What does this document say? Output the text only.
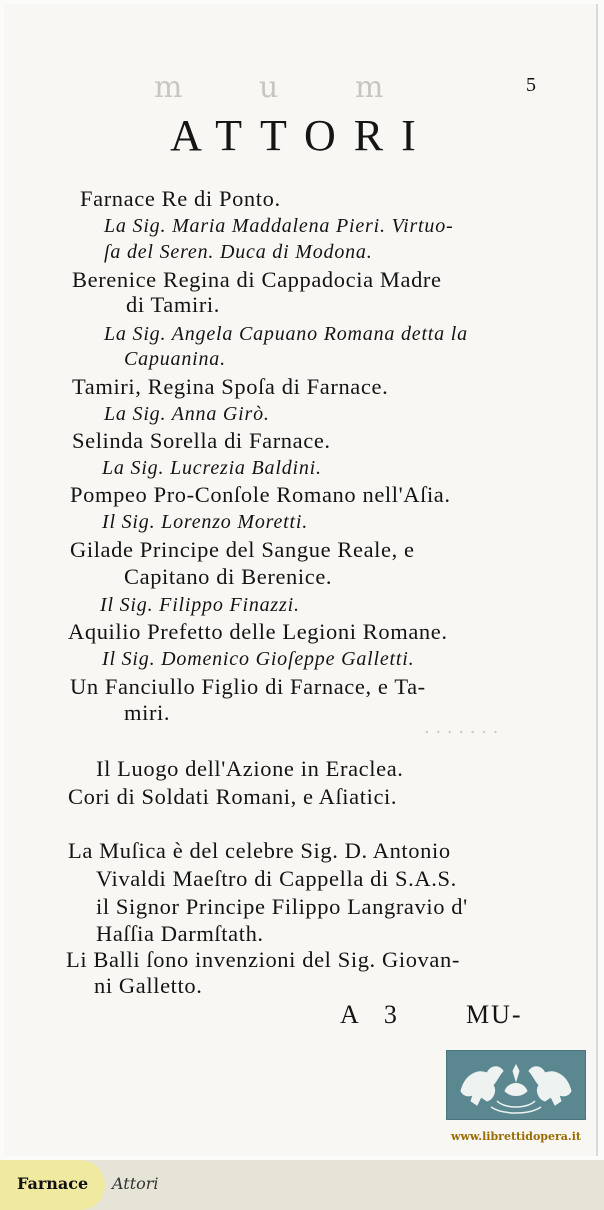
m   u   m
· · · · · · ·
5
ATTORI
Farnace Re di Ponto.
La Sig. Maria Maddalena Pieri. Virtuo-
ſa del Seren. Duca di Modona.
Berenice Regina di Cappadocia Madre
di Tamiri.
La Sig. Angela Capuano Romana detta la
Capuanina.
Tamiri, Regina Spoſa di Farnace.
La Sig. Anna Girò.
Selinda Sorella di Farnace.
La Sig. Lucrezia Baldini.
Pompeo Pro-Conſole Romano nell'Aſia.
Il Sig. Lorenzo Moretti.
Gilade Principe del Sangue Reale, e
Capitano di Berenice.
Il Sig. Filippo Finazzi.
Aquilio Prefetto delle Legioni Romane.
Il Sig. Domenico Gioſeppe Galletti.
Un Fanciullo Figlio di Farnace, e Ta-
miri.
Il Luogo dell'Azione in Eraclea.
Cori di Soldati Romani, e Aſiatici.
La Muſica è del celebre Sig. D. Antonio
Vivaldi Maeſtro di Cappella di S.A.S.
il Signor Principe Filippo Langravio d'
Haſſia Darmſtath.
Li Balli ſono invenzioni del Sig. Giovan-
ni Galletto.
A 3 MU-
www.librettidopera.it
Farnace Attori
